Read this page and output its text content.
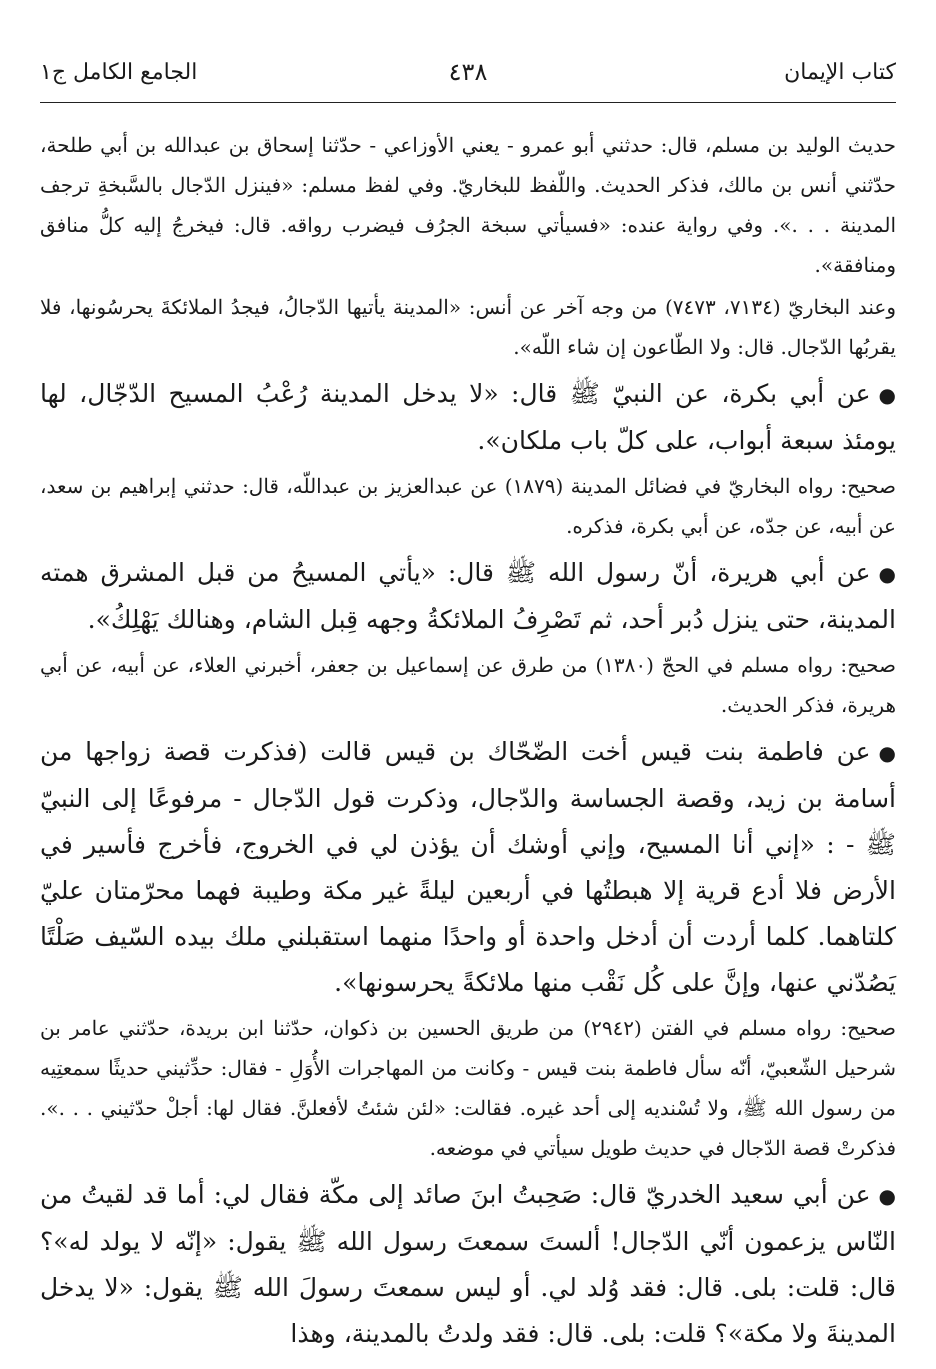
كتاب الإيمان
٤٣٨
الجامع الكامل ج١

حديث الوليد بن مسلم، قال: حدثني أبو عمرو - يعني الأوزاعي - حدّثنا إسحاق بن عبدالله بن أبي طلحة، حدّثني أنس بن مالك، فذكر الحديث. واللّفظ للبخاريّ. وفي لفظ مسلم: «فينزل الدّجال بالسَّبخةِ ترجف المدينة . . .». وفي رواية عنده: «فسيأتي سبخة الجرُف فيضرب رواقه. قال: فيخرجُ إليه كلُّ منافق ومنافقة».

وعند البخاريّ (٧١٣٤، ٧٤٧٣) من وجه آخر عن أنس: «المدينة يأتيها الدّجالُ، فيجدُ الملائكةَ يحرسُونها، فلا يقربُها الدّجال. قال: ولا الطّاعون إن شاء اللّه».

●عن أبي بكرة، عن النبيّ ﷺ قال: «لا يدخل المدينة رُعْبُ المسيح الدّجّال، لها يومئذ سبعة أبواب، على كلّ باب ملكان».

صحيح: رواه البخاريّ في فضائل المدينة (١٨٧٩) عن عبدالعزيز بن عبداللّه، قال: حدثني إبراهيم بن سعد، عن أبيه، عن جدّه، عن أبي بكرة، فذكره.

●عن أبي هريرة، أنّ رسول الله ﷺ قال: «يأتي المسيحُ من قبل المشرق همته المدينة، حتى ينزل دُبر أحد، ثم تَصْرِفُ الملائكةُ وجهه قِبل الشام، وهنالك يَهْلِكُ».

صحيح: رواه مسلم في الحجّ (١٣٨٠) من طرق عن إسماعيل بن جعفر، أخبرني العلاء، عن أبيه، عن أبي هريرة، فذكر الحديث.

●عن فاطمة بنت قيس أخت الضّحّاك بن قيس قالت (فذكرت قصة زواجها من أسامة بن زيد، وقصة الجساسة والدّجال، وذكرت قول الدّجال - مرفوعًا إلى النبيّ ﷺ - : «إني أنا المسيح، وإني أوشك أن يؤذن لي في الخروج، فأخرج فأسير في الأرض فلا أدع قرية إلا هبطتُها في أربعين ليلةً غير مكة وطيبة فهما محرّمتان عليّ كلتاهما. كلما أردت أن أدخل واحدة أو واحدًا منهما استقبلني ملك بيده السّيف صَلْتًا يَصُدّني عنها، وإنَّ على كُل نَقْب منها ملائكةً يحرسونها».

صحيح: رواه مسلم في الفتن (٢٩٤٢) من طريق الحسين بن ذكوان، حدّثنا ابن بريدة، حدّثني عامر بن شرحيل الشّعبيّ، أنّه سأل فاطمة بنت قيس - وكانت من المهاجرات الأُوَلِ - فقال: حدِّثيني حديثًا سمعتِيه من رسول الله ﷺ، ولا تُسْنديه إلى أحد غيره. فقالت: «لئن شئتُ لأفعلنَّ. فقال لها: أجلْ حدّثيني . . .». فذكرتْ قصة الدّجال في حديث طويل سيأتي في موضعه.

●عن أبي سعيد الخدريّ قال: صَحِبتُ ابنَ صائد إلى مكّة فقال لي: أما قد لقيتُ من النّاس يزعمون أنّي الدّجال! ألستَ سمعتَ رسول الله ﷺ يقول: «إنّه لا يولد له»؟ قال: قلت: بلى. قال: فقد وُلد لي. أو ليس سمعتَ رسولَ الله ﷺ يقول: «لا يدخل المدينةَ ولا مكة»؟ قلت: بلى. قال: فقد ولدتُ بالمدينة، وهذا
